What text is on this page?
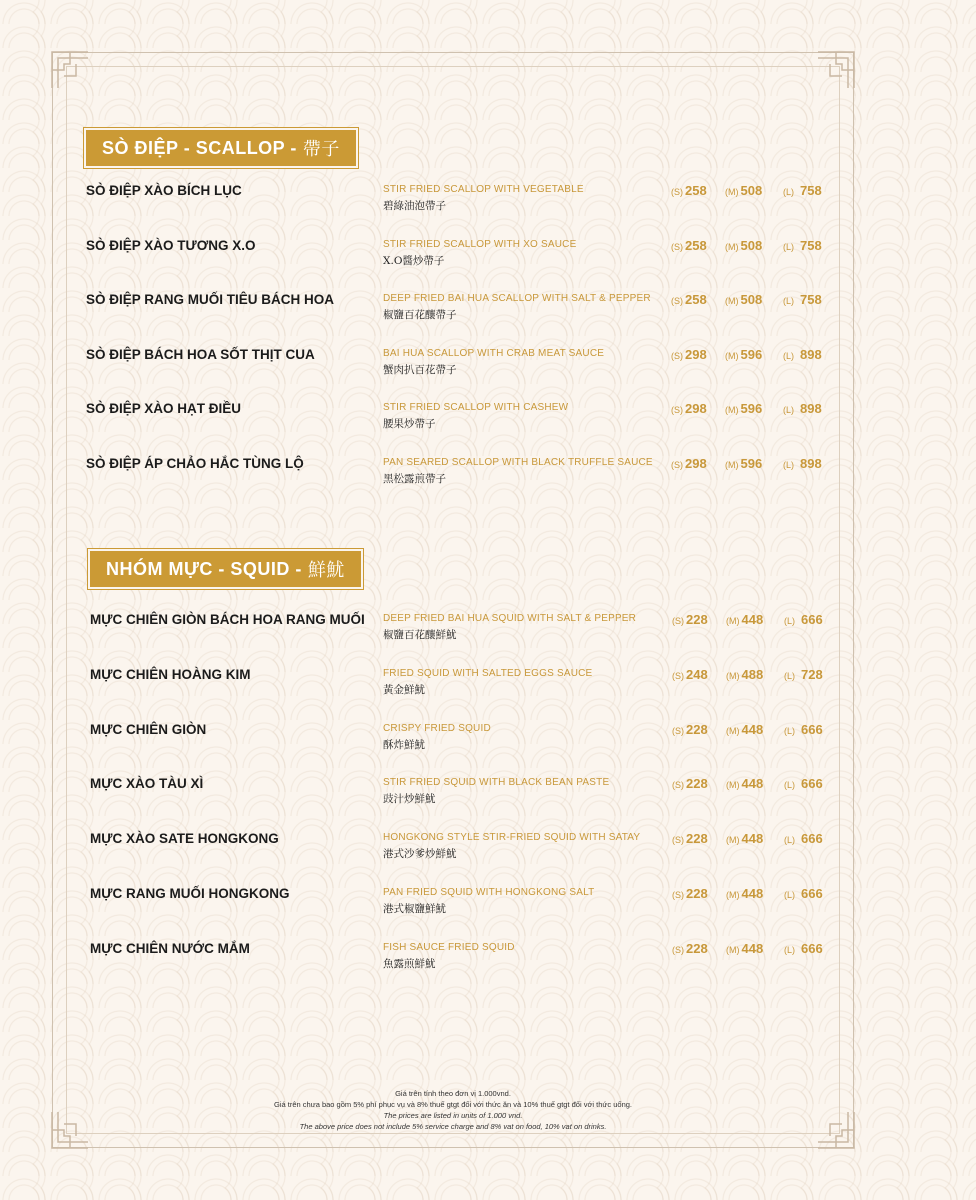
SÒ ĐIỆP - SCALLOP - 帶子
SÒ ĐIỆP XÀO BÍCH LỤC	STIR FRIED SCALLOP WITH VEGETABLE
碧綠油泡帶子
(S) 258 (M) 508 (L) 758
SÒ ĐIỆP XÀO TƯƠNG X.O	STIR FRIED SCALLOP WITH XO SAUCE
X.O醬炒帶子
(S) 258 (M) 508 (L) 758
SÒ ĐIỆP RANG MUỐI TIÊU BÁCH HOA	DEEP FRIED BAI HUA SCALLOP WITH SALT & PEPPER
椒鹽百花釀帶子
(S) 258 (M) 508 (L) 758
SÒ ĐIỆP BÁCH HOA SỐT THỊT CUA	BAI HUA SCALLOP WITH CRAB MEAT SAUCE
蟹肉扒百花帶子
(S) 298 (M) 596 (L) 898
SÒ ĐIỆP XÀO HẠT ĐIỀU	STIR FRIED SCALLOP WITH CASHEW
腰果炒帶子
(S) 298 (M) 596 (L) 898
SÒ ĐIỆP ÁP CHẢO HẮC TÙNG LỘ	PAN SEARED SCALLOP WITH BLACK TRUFFLE SAUCE
黑松露煎帶子
(S) 298 (M) 596 (L) 898
NHÓM MỰC - SQUID - 鮮魷
MỰC CHIÊN GIÒN BÁCH HOA RANG MUỐI DEEP FRIED BAI HUA SQUID WITH SALT & PEPPER
椒鹽百花釀鮮魷
(S) 228 (M) 448 (L) 666
MỰC CHIÊN HOÀNG KIM	FRIED SQUID WITH SALTED EGGS SAUCE
黃金鮮魷
(S) 248 (M) 488 (L) 728
MỰC CHIÊN GIÒN	CRISPY FRIED SQUID
酥炸鮮魷
(S) 228 (M) 448 (L) 666
MỰC XÀO TÀU XÌ	STIR FRIED SQUID WITH BLACK BEAN PASTE
豉汁炒鮮魷
(S) 228 (M) 448 (L) 666
MỰC XÀO SATE HONGKONG	HONGKONG STYLE STIR-FRIED SQUID WITH SATAY
港式沙爹炒鮮魷
(S) 228 (M) 448 (L) 666
MỰC RANG MUỐI HONGKONG	PAN FRIED SQUID WITH HONGKONG SALT
港式椒鹽鮮魷
(S) 228 (M) 448 (L) 666
MỰC CHIÊN NƯỚC MẮM	FISH SAUCE FRIED SQUID
魚露煎鮮魷
(S) 228 (M) 448 (L) 666
Giá trên tính theo đơn vị 1.000vnd.
Giá trên chưa bao gồm 5% phí phục vụ và 8% thuế gtgt đối với thức ăn và 10% thuế gtgt đối với thức uống.
The prices are listed in units of 1.000 vnd.
The above price does not include 5% service charge and 8% vat on food, 10% vat on drinks.
